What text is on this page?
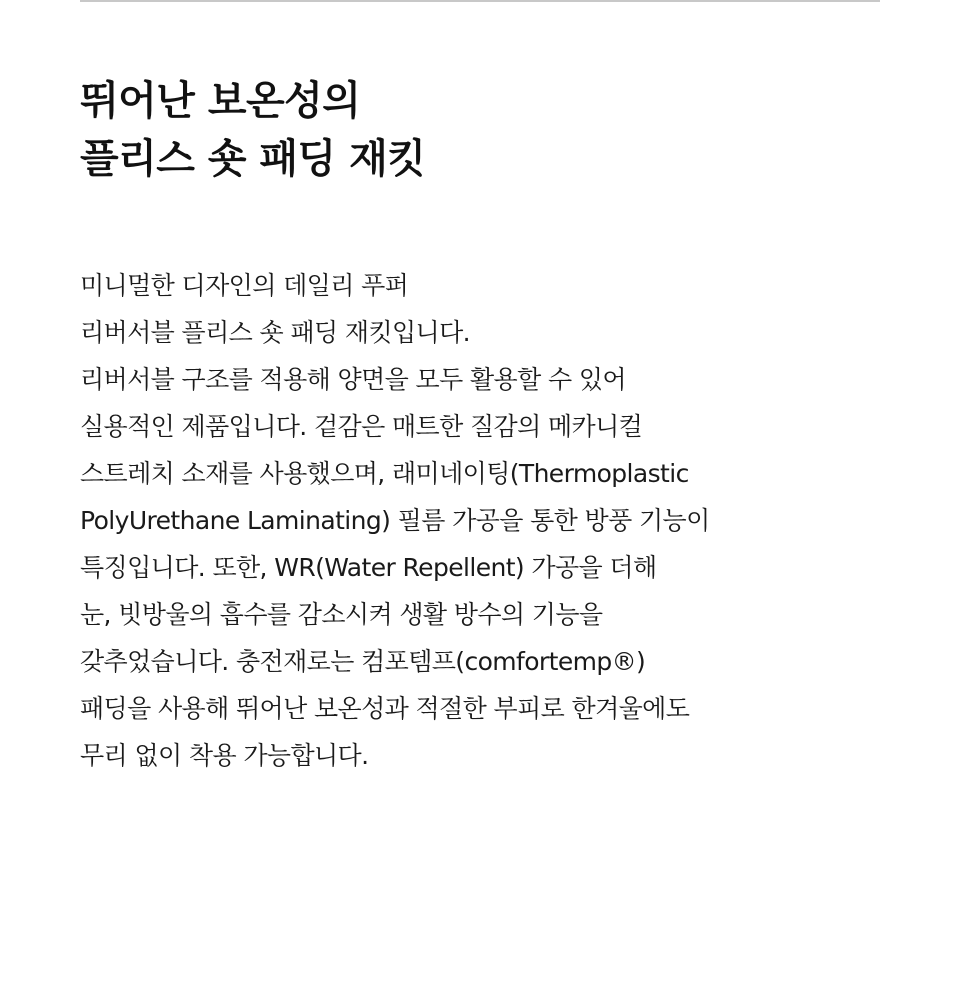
뛰어난 보온성의
플리스 숏 패딩 재킷

미니멀한 디자인의 데일리 푸퍼
리버서블 플리스 숏 패딩 재킷입니다.
리버서블 구조를 적용해 양면을 모두 활용할 수 있어
실용적인 제품입니다. 겉감은 매트한 질감의 메카니컬
스트레치 소재를 사용했으며, 래미네이팅(Thermoplastic
PolyUrethane Laminating) 필름 가공을 통한 방풍 기능이
특징입니다. 또한, WR(Water Repellent) 가공을 더해
눈, 빗방울의 흡수를 감소시켜 생활 방수의 기능을
갖추었습니다. 충전재로는 컴포템프(comfortemp®)
패딩을 사용해 뛰어난 보온성과 적절한 부피로 한겨울에도
무리 없이 착용 가능합니다.
